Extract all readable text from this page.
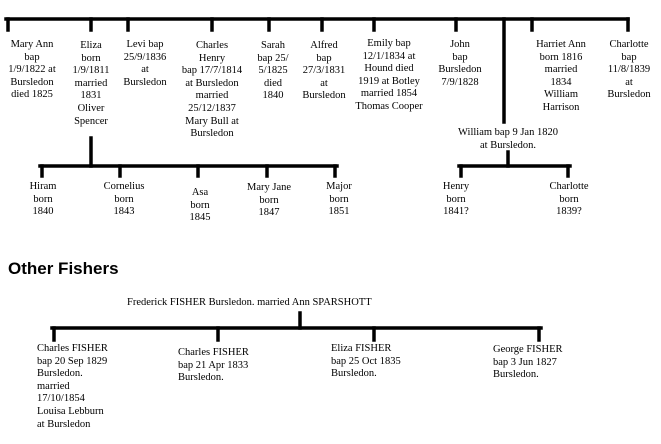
Mary Ann
bap
1/9/1822 at
Bursledon
died 1825
Eliza
born
1/9/1811
married
1831
Oliver
Spencer
Levi bap
25/9/1836
at
Bursledon
Charles
Henry
bap 17/7/1814
at Bursledon
married
25/12/1837
Mary Bull at
Bursledon
Sarah
bap 25/
5/1825
died
1840
Alfred
bap
27/3/1831
at
Bursledon
Emily bap
12/1/1834 at
Hound died
1919 at Botley
married 1854
Thomas Cooper
John
bap
Bursledon
7/9/1828
Harriet Ann
born 1816
married
1834
William
Harrison
Charlotte
bap
11/8/1839
at
Bursledon
William bap 9 Jan 1820
at Bursledon.
Hiram
born
1840
Cornelius
born
1843
Asa
born
1845
Mary Jane
born
1847
Major
born
1851
Henry
born
1841?
Charlotte
born
1839?
Other Fishers
Frederick FISHER Bursledon. married Ann SPARSHOTT
Charles FISHER
bap 20 Sep 1829
Bursledon.
married
17/10/1854
Louisa Lebburn
at Bursledon
Charles FISHER
bap 21 Apr 1833
Bursledon.
Eliza FISHER
bap 25 Oct 1835
Bursledon.
George FISHER
bap 3 Jun 1827
Bursledon.
